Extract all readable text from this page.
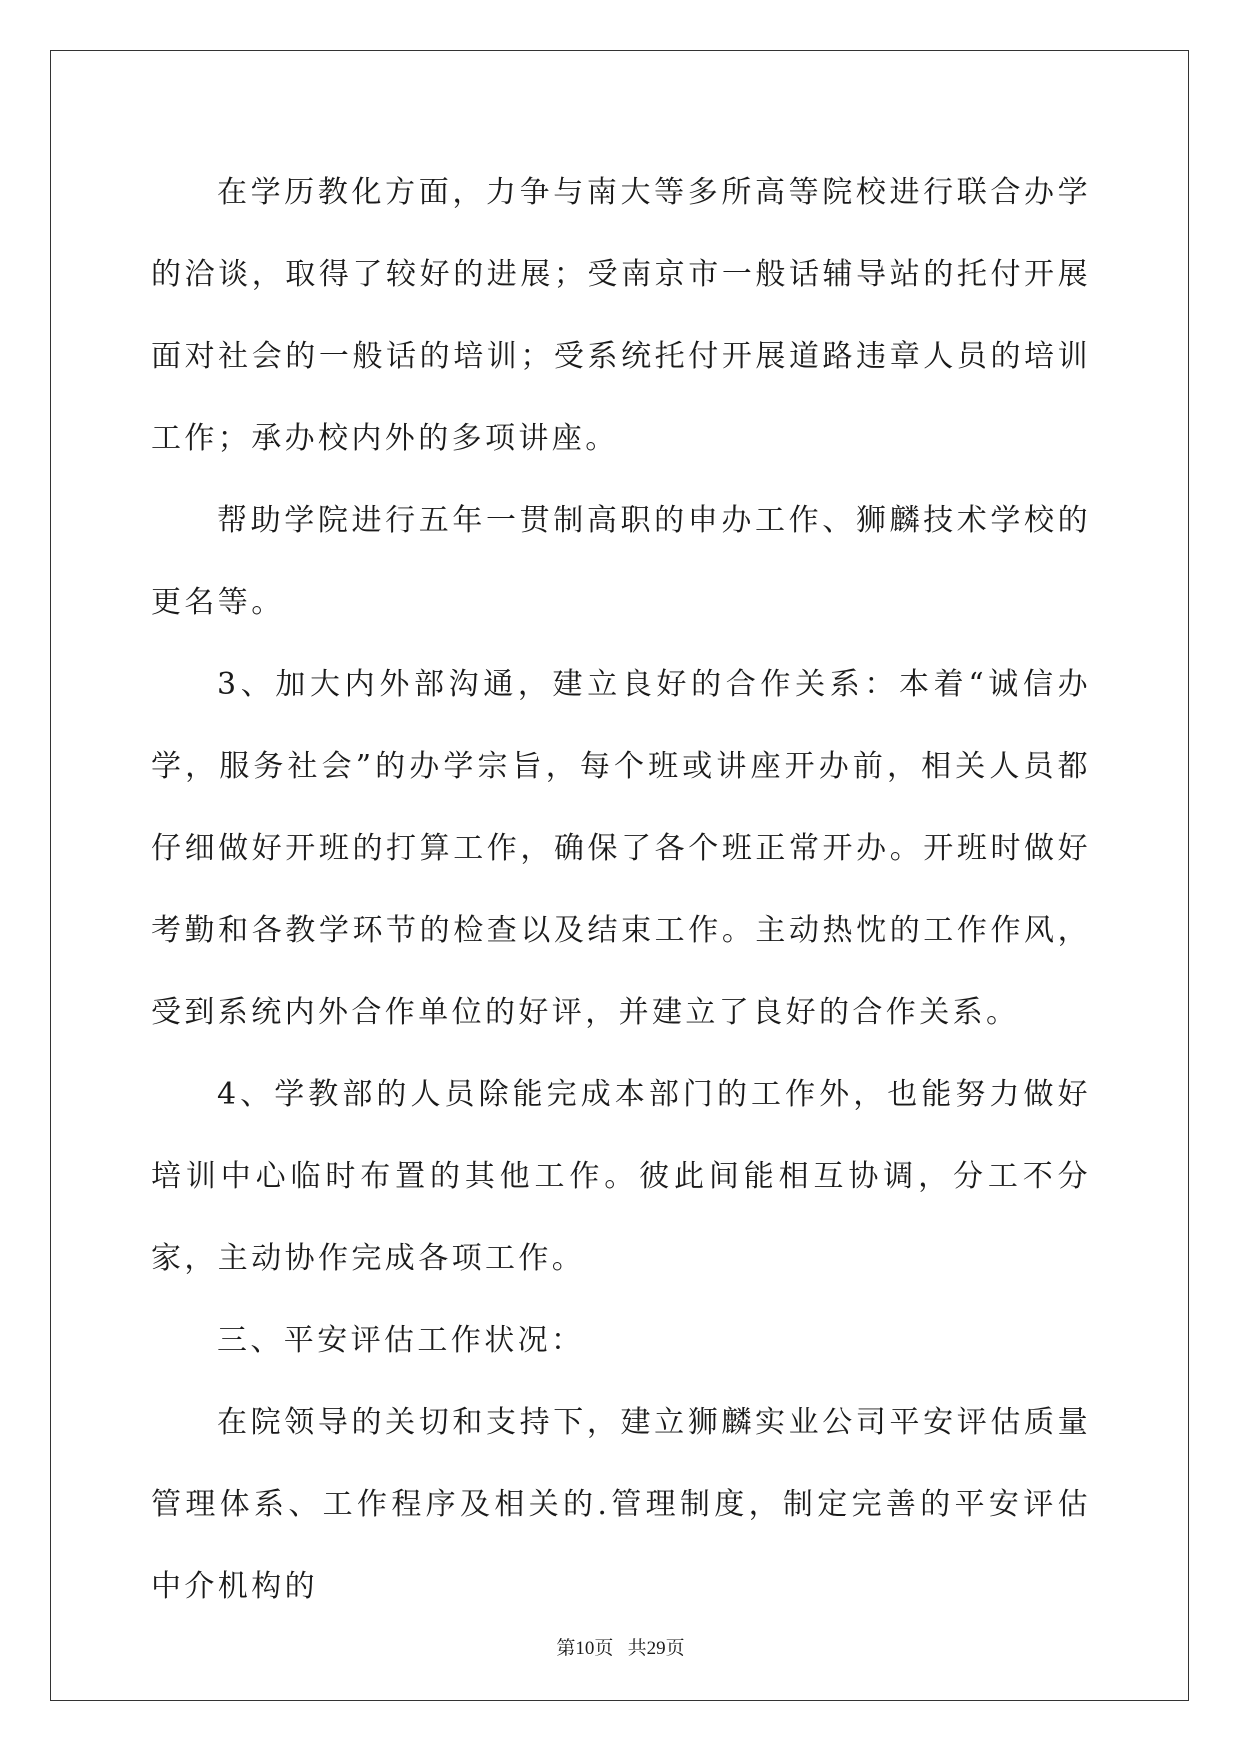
在学历教化方面，力争与南大等多所高等院校进行联合办学的洽谈，取得了较好的进展；受南京市一般话辅导站的托付开展面对社会的一般话的培训；受系统托付开展道路违章人员的培训工作；承办校内外的多项讲座。

帮助学院进行五年一贯制高职的申办工作、狮麟技术学校的更名等。

3、加大内外部沟通，建立良好的合作关系：本着“诚信办学，服务社会”的办学宗旨，每个班或讲座开办前，相关人员都仔细做好开班的打算工作，确保了各个班正常开办。开班时做好考勤和各教学环节的检查以及结束工作。主动热忱的工作作风，受到系统内外合作单位的好评，并建立了良好的合作关系。

4、学教部的人员除能完成本部门的工作外，也能努力做好培训中心临时布置的其他工作。彼此间能相互协调，分工不分家，主动协作完成各项工作。

三、平安评估工作状况：

在院领导的关切和支持下，建立狮麟实业公司平安评估质量管理体系、工作程序及相关的.管理制度，制定完善的平安评估中介机构的

第10页   共29页
